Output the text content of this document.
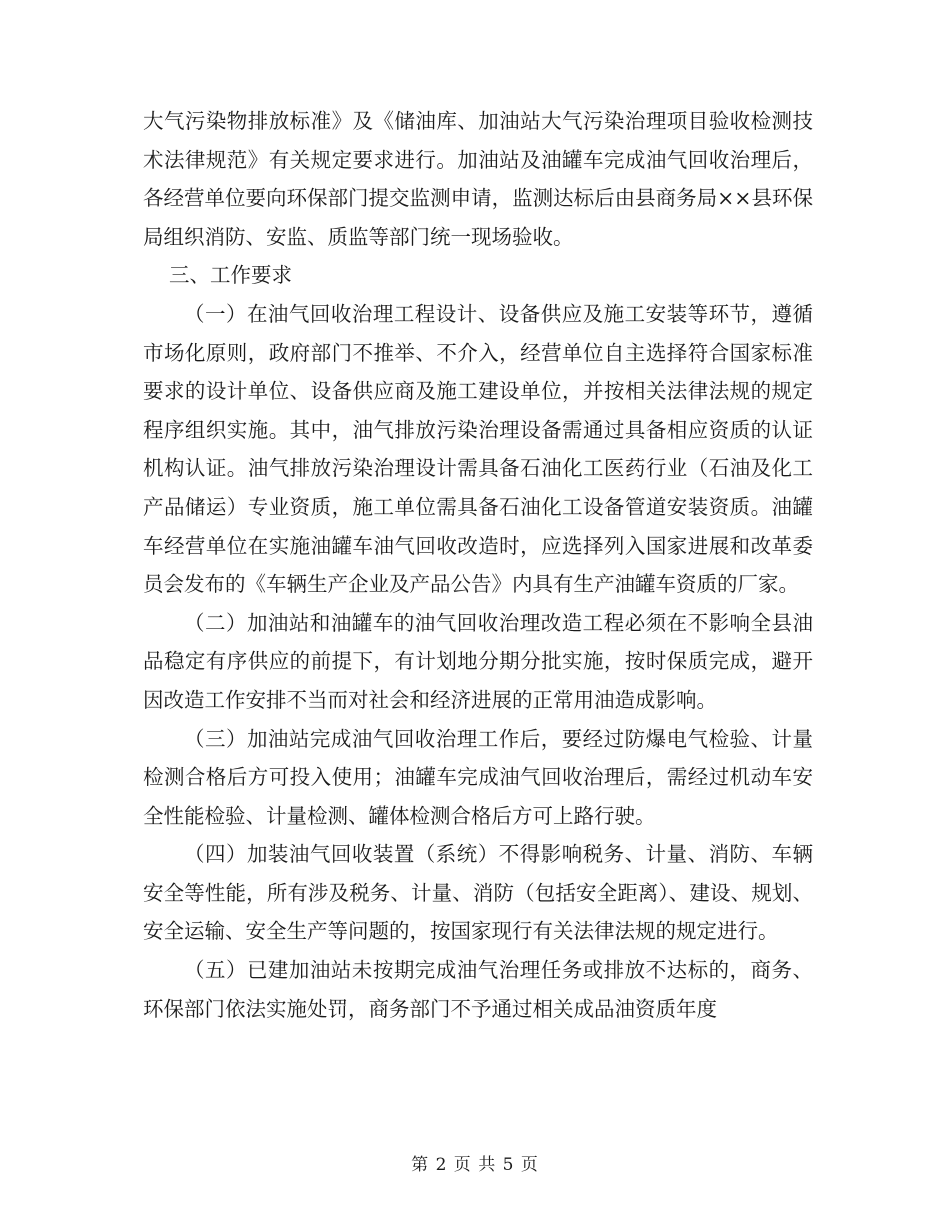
大气污染物排放标准》及《储油库、加油站大气污染治理项目验收检测技术法律规范》有关规定要求进行。加油站及油罐车完成油气回收治理后，各经营单位要向环保部门提交监测申请，监测达标后由县商务局××县环保局组织消防、安监、质监等部门统一现场验收。

三、工作要求

（一）在油气回收治理工程设计、设备供应及施工安装等环节，遵循市场化原则，政府部门不推举、不介入，经营单位自主选择符合国家标准要求的设计单位、设备供应商及施工建设单位，并按相关法律法规的规定程序组织实施。其中，油气排放污染治理设备需通过具备相应资质的认证机构认证。油气排放污染治理设计需具备石油化工医药行业（石油及化工产品储运）专业资质，施工单位需具备石油化工设备管道安装资质。油罐车经营单位在实施油罐车油气回收改造时，应选择列入国家进展和改革委员会发布的《车辆生产企业及产品公告》内具有生产油罐车资质的厂家。

（二）加油站和油罐车的油气回收治理改造工程必须在不影响全县油品稳定有序供应的前提下，有计划地分期分批实施，按时保质完成，避开因改造工作安排不当而对社会和经济进展的正常用油造成影响。

（三）加油站完成油气回收治理工作后，要经过防爆电气检验、计量检测合格后方可投入使用；油罐车完成油气回收治理后，需经过机动车安全性能检验、计量检测、罐体检测合格后方可上路行驶。

（四）加装油气回收装置（系统）不得影响税务、计量、消防、车辆安全等性能，所有涉及税务、计量、消防（包括安全距离）、建设、规划、安全运输、安全生产等问题的，按国家现行有关法律法规的规定进行。

（五）已建加油站未按期完成油气治理任务或排放不达标的，商务、环保部门依法实施处罚，商务部门不予通过相关成品油资质年度

第 2 页 共 5 页
